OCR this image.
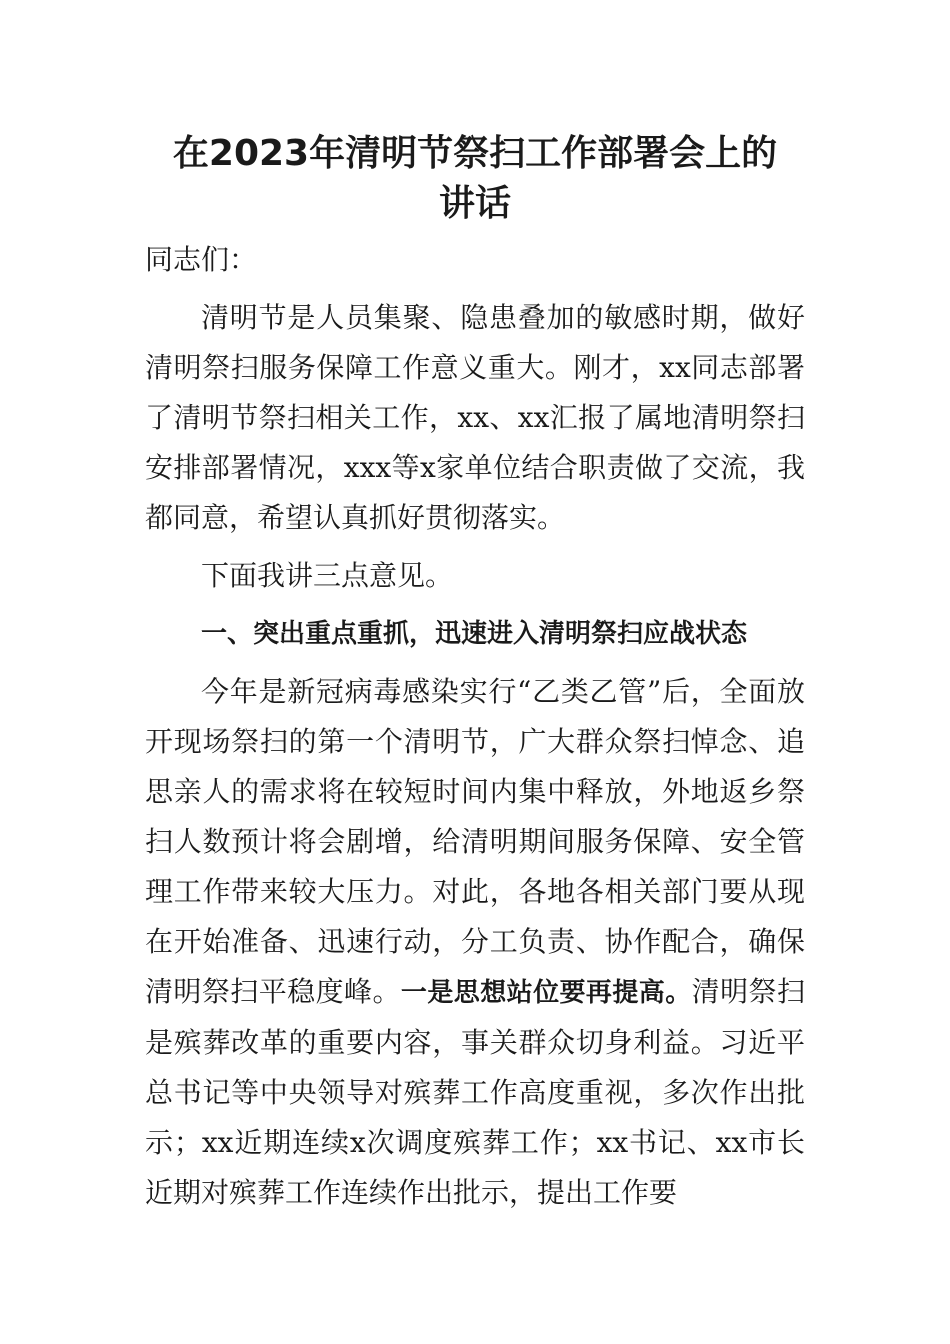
在2023年清明节祭扫工作部署会上的
讲话

同志们：

清明节是人员集聚、隐患叠加的敏感时期，做好清明祭扫服务保障工作意义重大。刚才，xx同志部署了清明节祭扫相关工作，xx、xx汇报了属地清明祭扫安排部署情况，xxx等x家单位结合职责做了交流，我都同意，希望认真抓好贯彻落实。

下面我讲三点意见。

一、突出重点重抓，迅速进入清明祭扫应战状态

今年是新冠病毒感染实行“乙类乙管”后，全面放开现场祭扫的第一个清明节，广大群众祭扫悼念、追思亲人的需求将在较短时间内集中释放，外地返乡祭扫人数预计将会剧增，给清明期间服务保障、安全管理工作带来较大压力。对此，各地各相关部门要从现在开始准备、迅速行动，分工负责、协作配合，确保清明祭扫平稳度峰。一是思想站位要再提高。清明祭扫是殡葬改革的重要内容，事关群众切身利益。习近平总书记等中央领导对殡葬工作高度重视，多次作出批示；xx近期连续x次调度殡葬工作；xx书记、xx市长近期对殡葬工作连续作出批示，提出工作要
